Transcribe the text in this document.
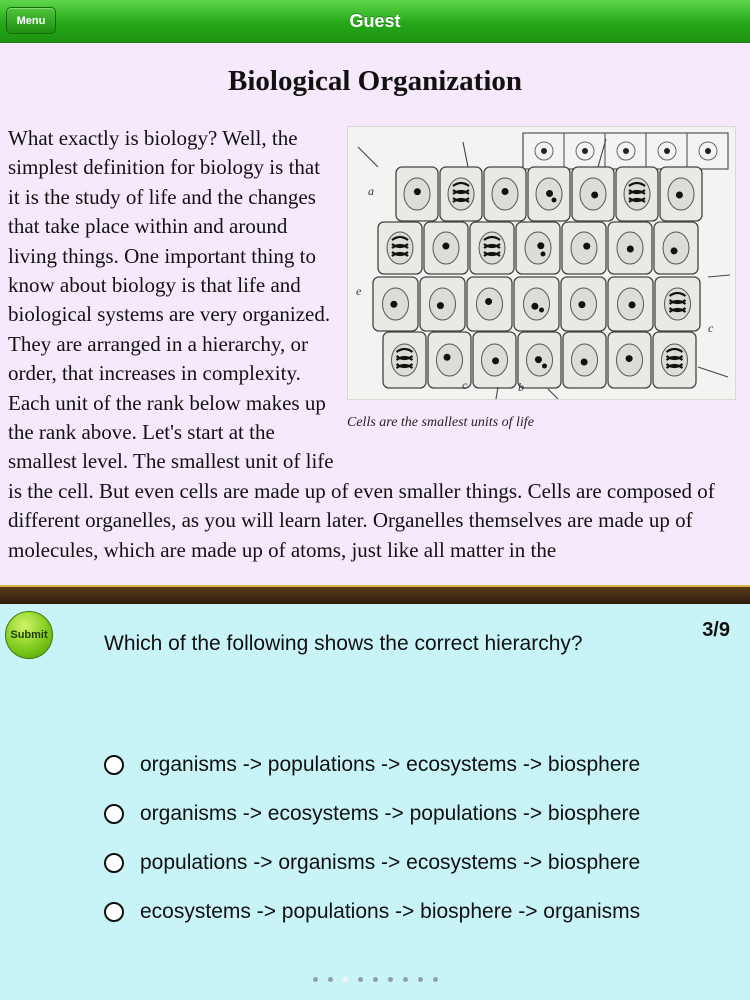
Menu	Guest
Biological Organization
a
e
c	b
c
Cells are the smallest units of life
What exactly is biology? Well, the simplest definition for biology is that it is the study of life and the changes that take place within and around living things. One important thing to know about biology is that life and biological systems are very organized. They are arranged in a hierarchy, or order, that increases in complexity. Each unit of the rank below makes up the rank above. Let's start at the smallest level. The smallest unit of life is the cell. But even cells are made up of even smaller things. Cells are composed of different organelles, as you will learn later. Organelles themselves are made up of molecules, which are made up of atoms, just like all matter in the
Submit	Which of the following shows the correct hierarchy?
3/9
organisms -> populations -> ecosystems -> biosphere
organisms -> ecosystems -> populations -> biosphere
populations -> organisms -> ecosystems -> biosphere
ecosystems -> populations -> biosphere -> organisms
